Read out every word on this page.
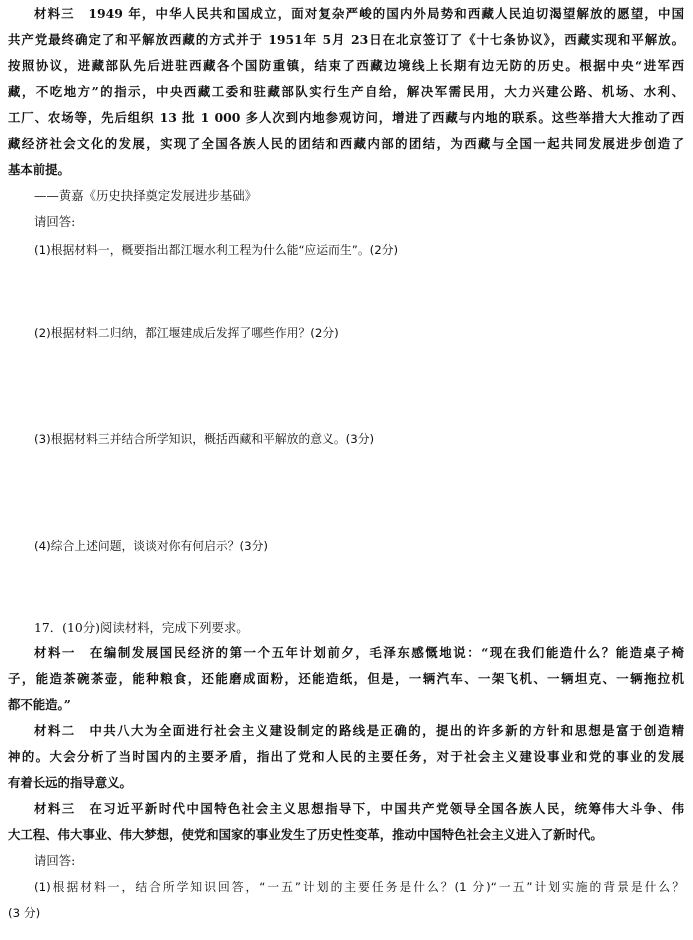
材料三　1949 年，中华人民共和国成立，面对复杂严峻的国内外局势和西藏人民迫切渴望解放的愿望，中国
共产党最终确定了和平解放西藏的方式并于 1951年 5月 23日在北京签订了《十七条协议》，西藏实现和平解放。
按照协议，进藏部队先后进驻西藏各个国防重镇，结束了西藏边境线上长期有边无防的历史。根据中央“进军西
藏，不吃地方”的指示，中央西藏工委和驻藏部队实行生产自给，解决军需民用，大力兴建公路、机场、水利、
工厂、农场等，先后组织 13 批 1 000 多人次到内地参观访问，增进了西藏与内地的联系。这些举措大大推动了西
藏经济社会文化的发展，实现了全国各族人民的团结和西藏内部的团结，为西藏与全国一起共同发展进步创造了
基本前提。
——黄嘉《历史抉择奠定发展进步基础》
请回答:
(1)根据材料一，概要指出都江堰水利工程为什么能“应运而生”。(2分)
(2)根据材料二归纳，都江堰建成后发挥了哪些作用？(2分)
(3)根据材料三并结合所学知识，概括西藏和平解放的意义。(3分)
(4)综合上述问题，谈谈对你有何启示？(3分)
17．(10分)阅读材料，完成下列要求。
材料一　在编制发展国民经济的第一个五年计划前夕，毛泽东感慨地说：“现在我们能造什么？能造桌子椅
子，能造茶碗茶壶，能种粮食，还能磨成面粉，还能造纸，但是，一辆汽车、一架飞机、一辆坦克、一辆拖拉机
都不能造。”
材料二　中共八大为全面进行社会主义建设制定的路线是正确的，提出的许多新的方针和思想是富于创造精
神的。大会分析了当时国内的主要矛盾，指出了党和人民的主要任务，对于社会主义建设事业和党的事业的发展
有着长远的指导意义。
材料三　在习近平新时代中国特色社会主义思想指导下，中国共产党领导全国各族人民，统筹伟大斗争、伟
大工程、伟大事业、伟大梦想，使党和国家的事业发生了历史性变革，推动中国特色社会主义进入了新时代。
请回答:
(1)根据材料一，结合所学知识回答，“一五”计划的主要任务是什么？(1 分)“一五”计划实施的背景是什么？
(3 分)
